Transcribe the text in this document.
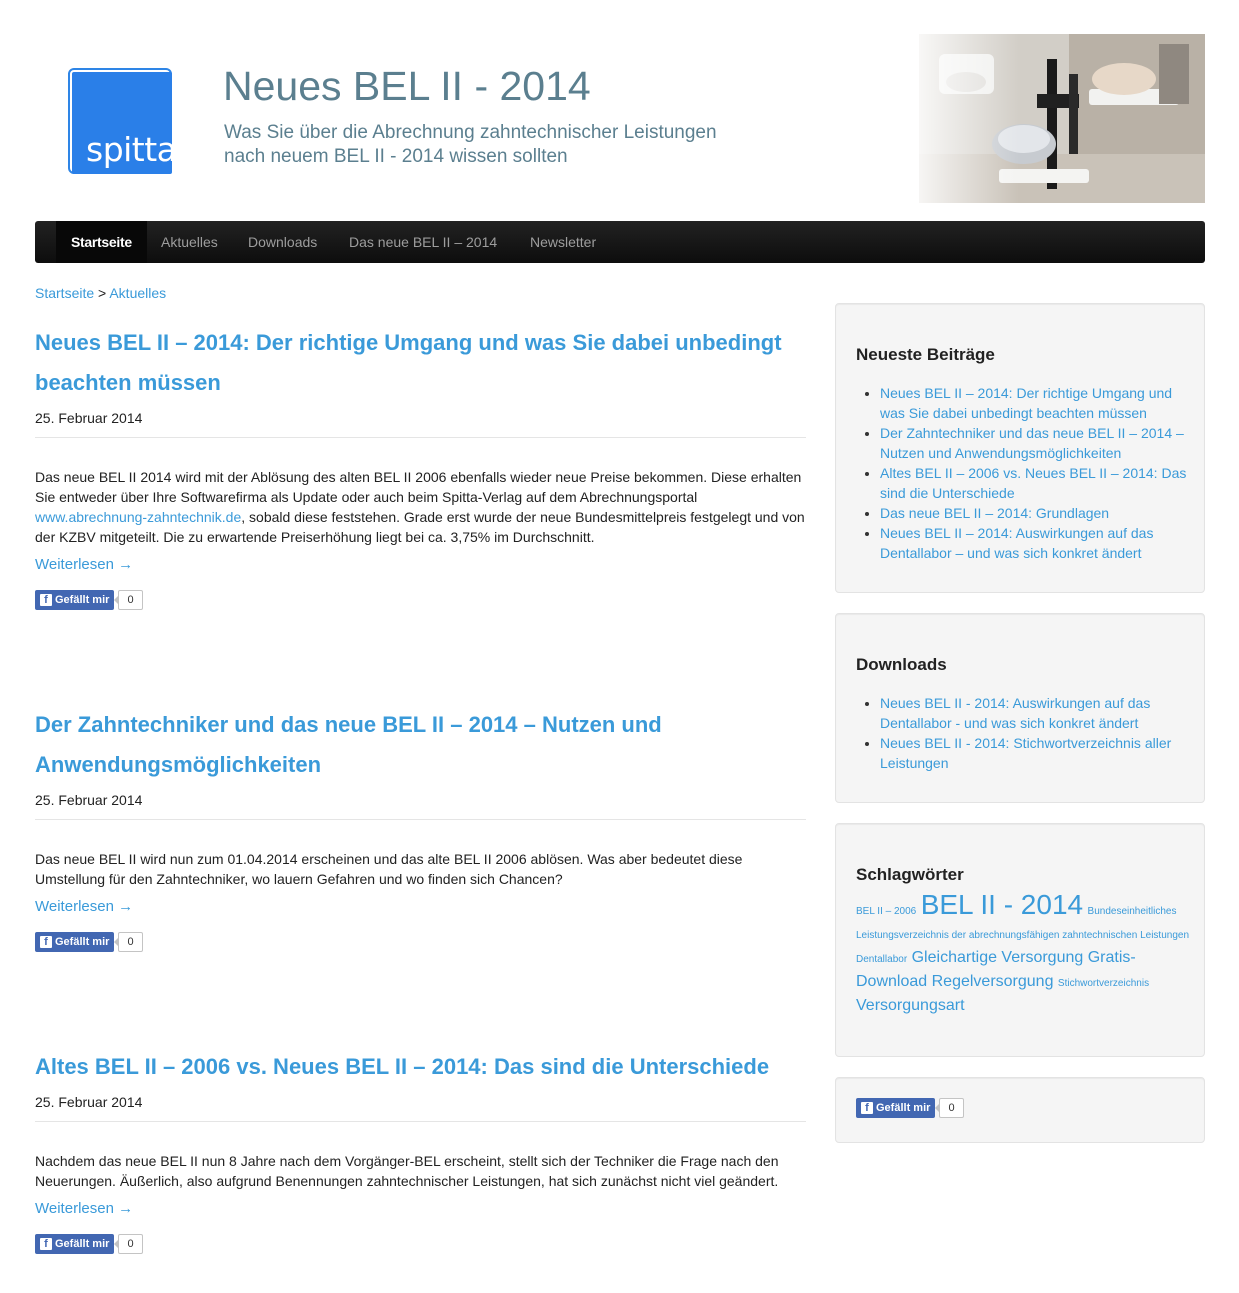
spitta
Neues BEL II - 2014
Was Sie über die Abrechnung zahntechnischer Leistungen
nach neuem BEL II - 2014 wissen sollten
Startseite	Aktuelles	Downloads	Das neue BEL II – 2014	Newsletter
Startseite > Aktuelles
Neues BEL II – 2014: Der richtige Umgang und was Sie dabei unbedingt
beachten müssen
25. Februar 2014

Das neue BEL II 2014 wird mit der Ablösung des alten BEL II 2006 ebenfalls wieder neue Preise bekommen. Diese erhalten Sie entweder über Ihre Softwarefirma als Update oder auch beim Spitta-Verlag auf dem Abrechnungsportal www.abrechnung-zahntechnik.de, sobald diese feststehen. Grade erst wurde der neue Bundesmittelpreis festgelegt und von der KZBV mitgeteilt. Die zu erwartende Preiserhöhung liegt bei ca. 3,75% im Durchschnitt.

Weiterlesen →
f Gefällt mir	0
Der Zahntechniker und das neue BEL II – 2014 – Nutzen und
Anwendungsmöglichkeiten
25. Februar 2014

Das neue BEL II wird nun zum 01.04.2014 erscheinen und das alte BEL II 2006 ablösen. Was aber bedeutet diese Umstellung für den Zahntechniker, wo lauern Gefahren und wo finden sich Chancen?

Weiterlesen →
f Gefällt mir	0
Altes BEL II – 2006 vs. Neues BEL II – 2014: Das sind die Unterschiede
25. Februar 2014

Nachdem das neue BEL II nun 8 Jahre nach dem Vorgänger-BEL erscheint, stellt sich der Techniker die Frage nach den Neuerungen. Äußerlich, also aufgrund Benennungen zahntechnischer Leistungen, hat sich zunächst nicht viel geändert.

Weiterlesen →
f Gefällt mir	0
Neueste Beiträge
• Neues BEL II – 2014: Der richtige Umgang und was Sie dabei unbedingt beachten müssen
• Der Zahntechniker und das neue BEL II – 2014 – Nutzen und Anwendungsmöglichkeiten
• Altes BEL II – 2006 vs. Neues BEL II – 2014: Das sind die Unterschiede
• Das neue BEL II – 2014: Grundlagen
• Neues BEL II – 2014: Auswirkungen auf das Dentallabor – und was sich konkret ändert
Downloads
• Neues BEL II - 2014: Auswirkungen auf das Dentallabor - und was sich konkret ändert
• Neues BEL II - 2014: Stichwortverzeichnis aller Leistungen
Schlagwörter
BEL II – 2006 BEL II - 2014 Bundeseinheitliches Leistungsverzeichnis der abrechnungsfähigen zahntechnischen Leistungen Dentallabor Gleichartige Versorgung Gratis-Download Regelversorgung Stichwortverzeichnis Versorgungsart
f Gefällt mir	0
